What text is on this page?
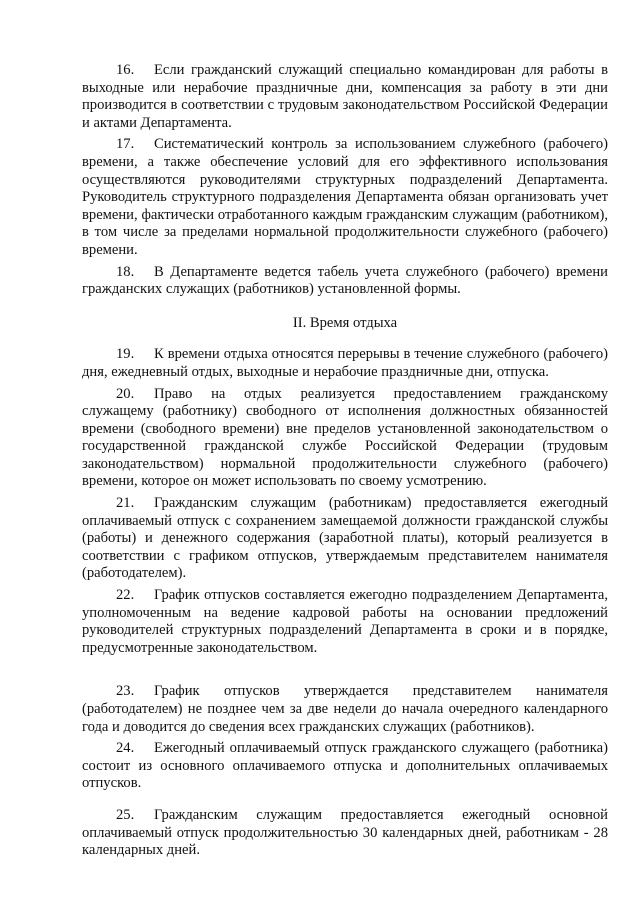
16. Если гражданский служащий специально командирован для работы в выходные или нерабочие праздничные дни, компенсация за работу в эти дни производится в соответствии с трудовым законодательством Российской Федерации и актами Департамента.

17. Систематический контроль за использованием служебного (рабочего) времени, а также обеспечение условий для его эффективного использования осуществляются руководителями структурных подразделений Департамента. Руководитель структурного подразделения Департамента обязан организовать учет времени, фактически отработанного каждым гражданским служащим (работником), в том числе за пределами нормальной продолжительности служебного (рабочего) времени.

18. В Департаменте ведется табель учета служебного (рабочего) времени гражданских служащих (работников) установленной формы.

II. Время отдыха

19. К времени отдыха относятся перерывы в течение служебного (рабочего) дня, ежедневный отдых, выходные и нерабочие праздничные дни, отпуска.

20. Право на отдых реализуется предоставлением гражданскому служащему (работнику) свободного от исполнения должностных обязанностей времени (свободного времени) вне пределов установленной законодательством о государственной гражданской службе Российской Федерации (трудовым законодательством) нормальной продолжительности служебного (рабочего) времени, которое он может использовать по своему усмотрению.

21. Гражданским служащим (работникам) предоставляется ежегодный оплачиваемый отпуск с сохранением замещаемой должности гражданской службы (работы) и денежного содержания (заработной платы), который реализуется в соответствии с графиком отпусков, утверждаемым представителем нанимателя (работодателем).

22. График отпусков составляется ежегодно подразделением Департамента, уполномоченным на ведение кадровой работы на основании предложений руководителей структурных подразделений Департамента в сроки и в порядке, предусмотренные законодательством.

23. График отпусков утверждается представителем нанимателя (работодателем) не позднее чем за две недели до начала очередного календарного года и доводится до сведения всех гражданских служащих (работников).

24. Ежегодный оплачиваемый отпуск гражданского служащего (работника) состоит из основного оплачиваемого отпуска и дополнительных оплачиваемых отпусков.

25. Гражданским служащим предоставляется ежегодный основной оплачиваемый отпуск продолжительностью 30 календарных дней, работникам - 28 календарных дней.
